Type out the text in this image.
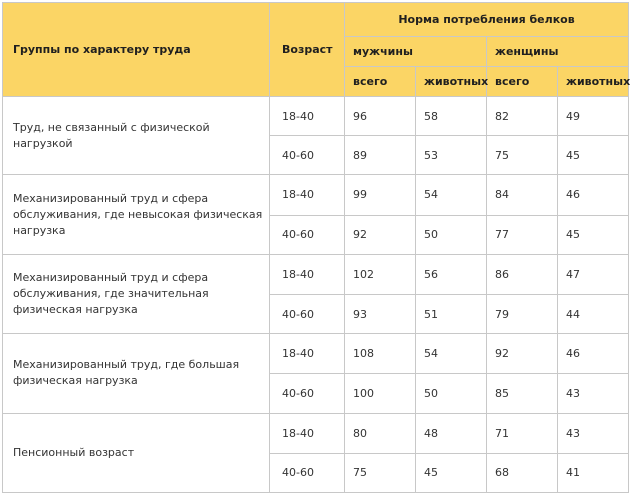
Группы по характеру труда	Возраст	Норма потребления белков			
		мужчины		женщины	
		всего	животных	всего	животных
Труд, не связанный с физической нагрузкой	18-40	96	58	82	49
	40-60	89	53	75	45
Механизированный труд и сфера обслуживания, где невысокая физическая нагрузка	18-40	99	54	84	46
	40-60	92	50	77	45
Механизированный труд и сфера обслуживания, где значительная физическая нагрузка	18-40	102	56	86	47
	40-60	93	51	79	44
Механизированный труд, где большая физическая нагрузка	18-40	108	54	92	46
	40-60	100	50	85	43
Пенсионный возраст	18-40	80	48	71	43
	40-60	75	45	68	41
